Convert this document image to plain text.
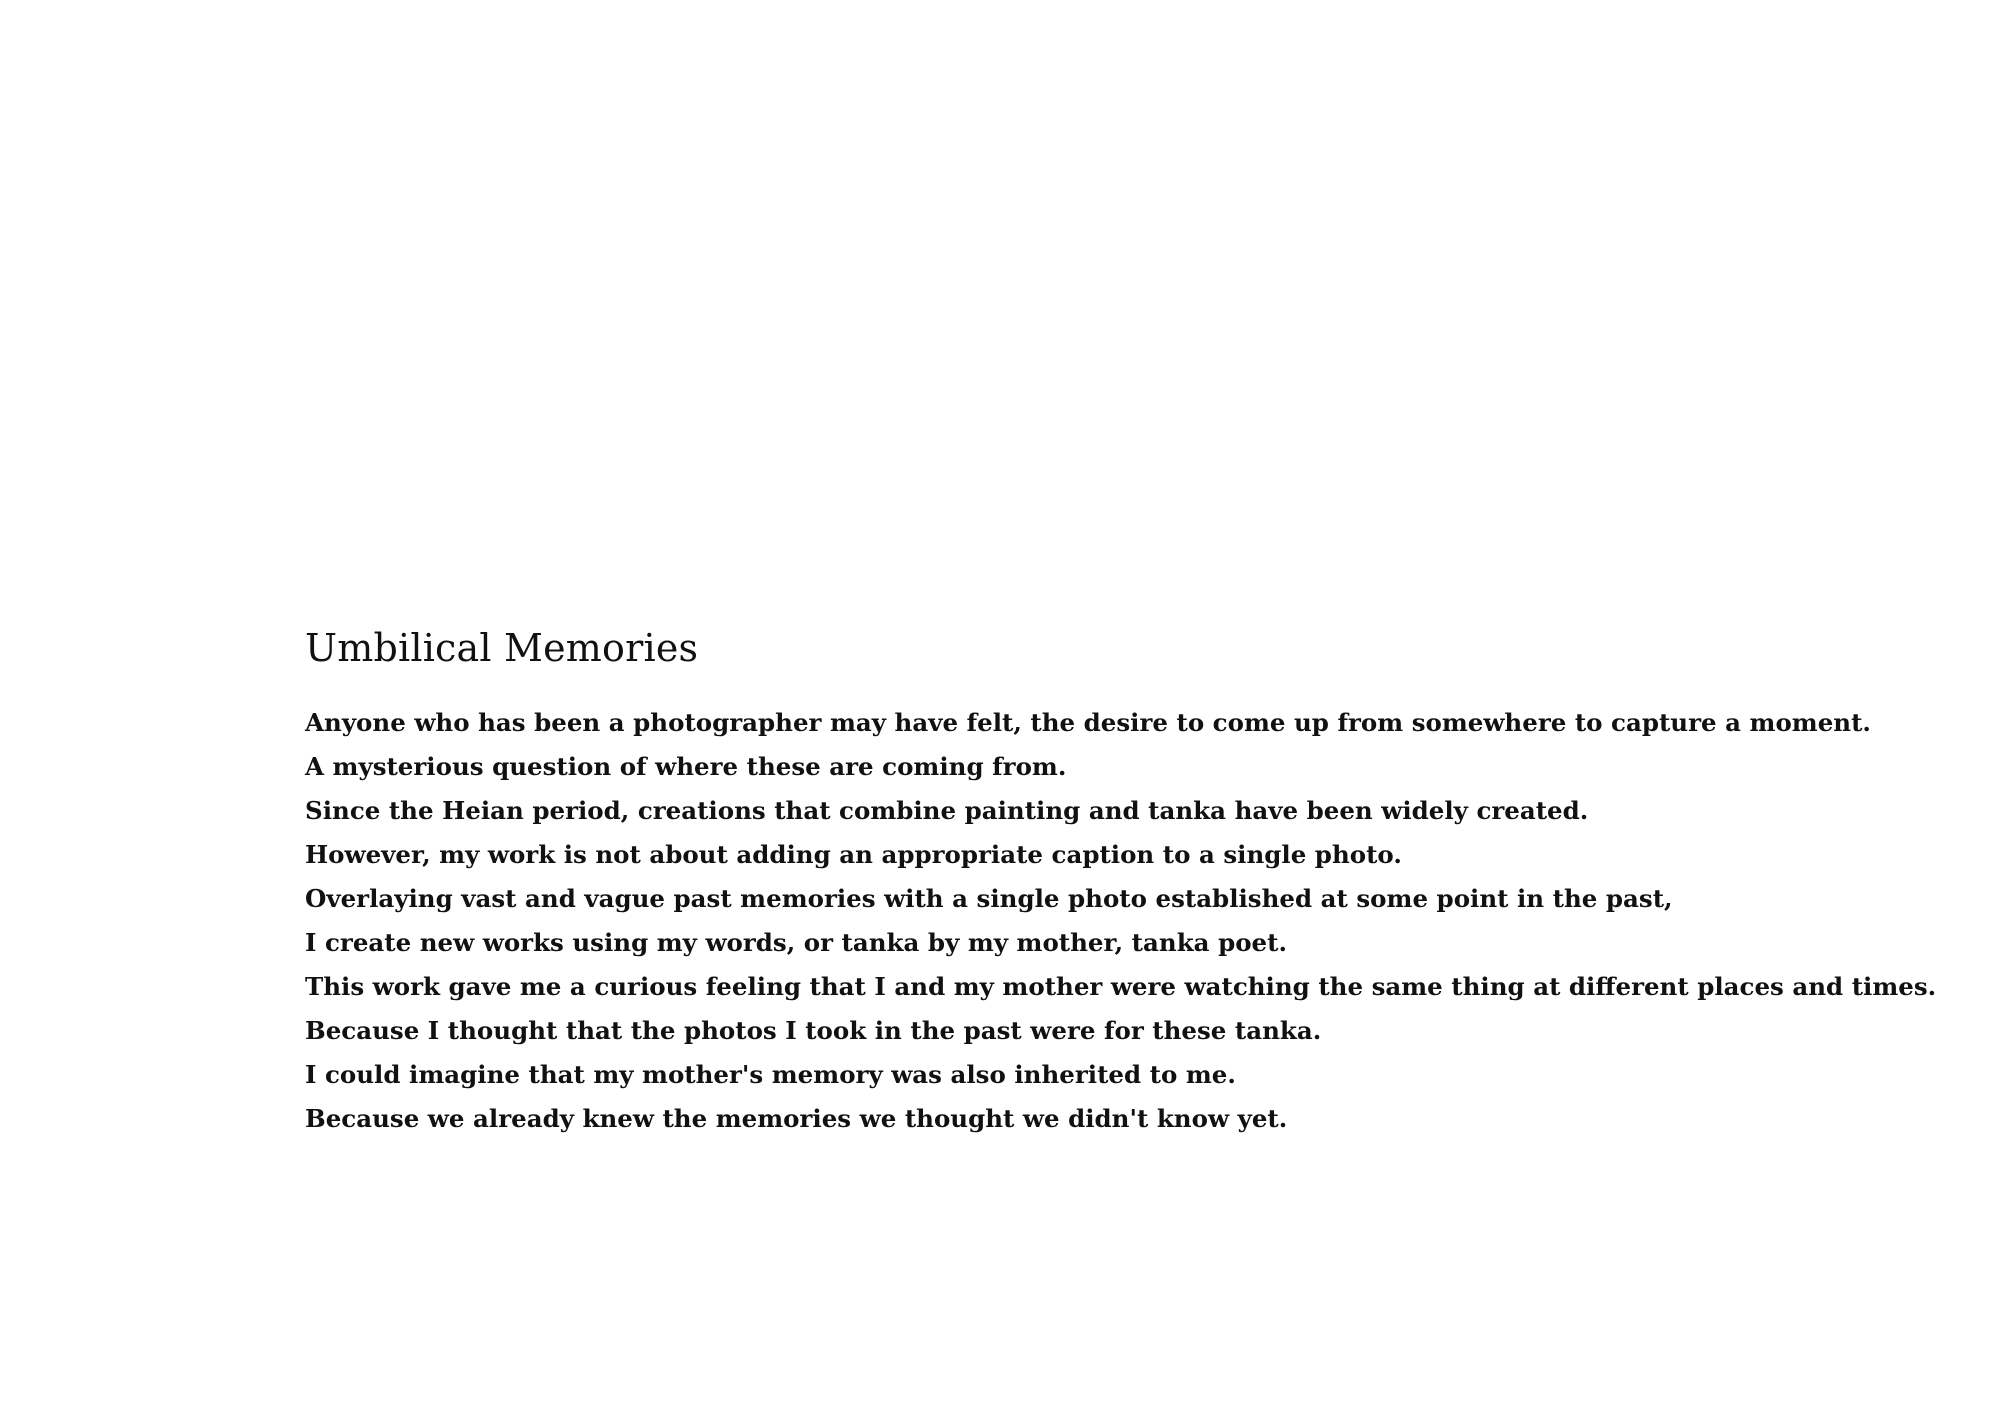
Umbilical Memories
Anyone who has been a photographer may have felt, the desire to come up from somewhere to capture a moment.
A mysterious question of where these are coming from.
Since the Heian period, creations that combine painting and tanka have been widely created.
However, my work is not about adding an appropriate caption to a single photo.
Overlaying vast and vague past memories with a single photo established at some point in the past,
I create new works using my words, or tanka by my mother, tanka poet.
This work gave me a curious feeling that I and my mother were watching the same thing at different places and times.
Because I thought that the photos I took in the past were for these tanka.
I could imagine that my mother's memory was also inherited to me.
Because we already knew the memories we thought we didn't know yet.
